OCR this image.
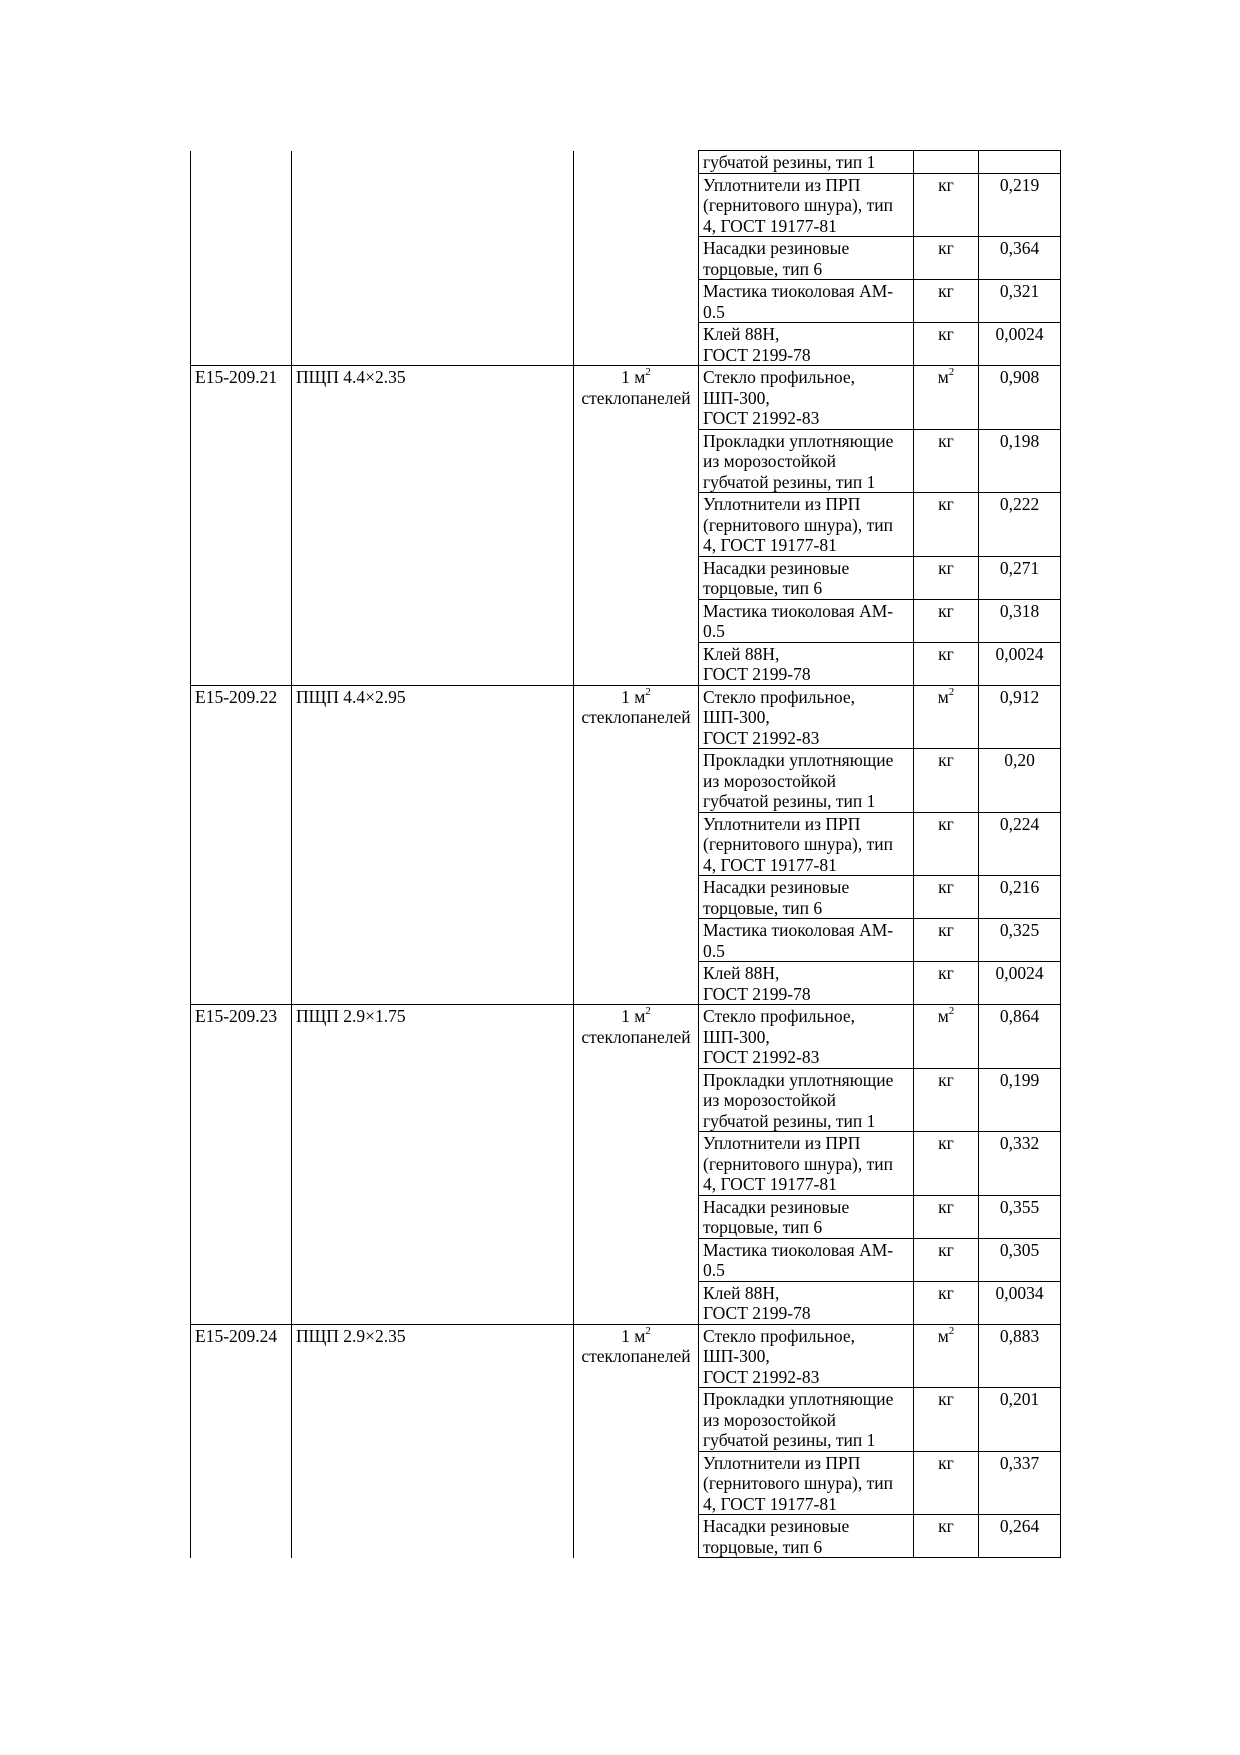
			губчатой резины, тип 1		
			Уплотнители из ПРП
(гернитового шнура), тип
4, ГОСТ 19177-81	кг	0,219
			Насадки резиновые
торцовые, тип 6	кг	0,364
			Мастика тиоколовая АМ-
0.5	кг	0,321
			Клей 88Н,
ГОСТ 2199-78	кг	0,0024
Е15-209.21	ПЩП 4.4×2.35	1 $м^2$
стеклопанелей	Стекло профильное,
ШП-300,
ГОСТ 21992-83	$м^2$	0,908
			Прокладки уплотняющие
из морозостойкой
губчатой резины, тип 1	кг	0,198
			Уплотнители из ПРП
(гернитового шнура), тип
4, ГОСТ 19177-81	кг	0,222
			Насадки резиновые
торцовые, тип 6	кг	0,271
			Мастика тиоколовая АМ-
0.5	кг	0,318
			Клей 88Н,
ГОСТ 2199-78	кг	0,0024
Е15-209.22	ПЩП 4.4×2.95	1 $м^2$
стеклопанелей	Стекло профильное,
ШП-300,
ГОСТ 21992-83	$м^2$	0,912
			Прокладки уплотняющие
из морозостойкой
губчатой резины, тип 1	кг	0,20
			Уплотнители из ПРП
(гернитового шнура), тип
4, ГОСТ 19177-81	кг	0,224
			Насадки резиновые
торцовые, тип 6	кг	0,216
			Мастика тиоколовая АМ-
0.5	кг	0,325
			Клей 88Н,
ГОСТ 2199-78	кг	0,0024
Е15-209.23	ПЩП 2.9×1.75	1 $м^2$
стеклопанелей	Стекло профильное,
ШП-300,
ГОСТ 21992-83	$м^2$	0,864
			Прокладки уплотняющие
из морозостойкой
губчатой резины, тип 1	кг	0,199
			Уплотнители из ПРП
(гернитового шнура), тип
4, ГОСТ 19177-81	кг	0,332
			Насадки резиновые
торцовые, тип 6	кг	0,355
			Мастика тиоколовая АМ-
0.5	кг	0,305
			Клей 88Н,
ГОСТ 2199-78	кг	0,0034
Е15-209.24	ПЩП 2.9×2.35	1 $м^2$
стеклопанелей	Стекло профильное,
ШП-300,
ГОСТ 21992-83	$м^2$	0,883
			Прокладки уплотняющие
из морозостойкой
губчатой резины, тип 1	кг	0,201
			Уплотнители из ПРП
(гернитового шнура), тип
4, ГОСТ 19177-81	кг	0,337
			Насадки резиновые
торцовые, тип 6	кг	0,264
